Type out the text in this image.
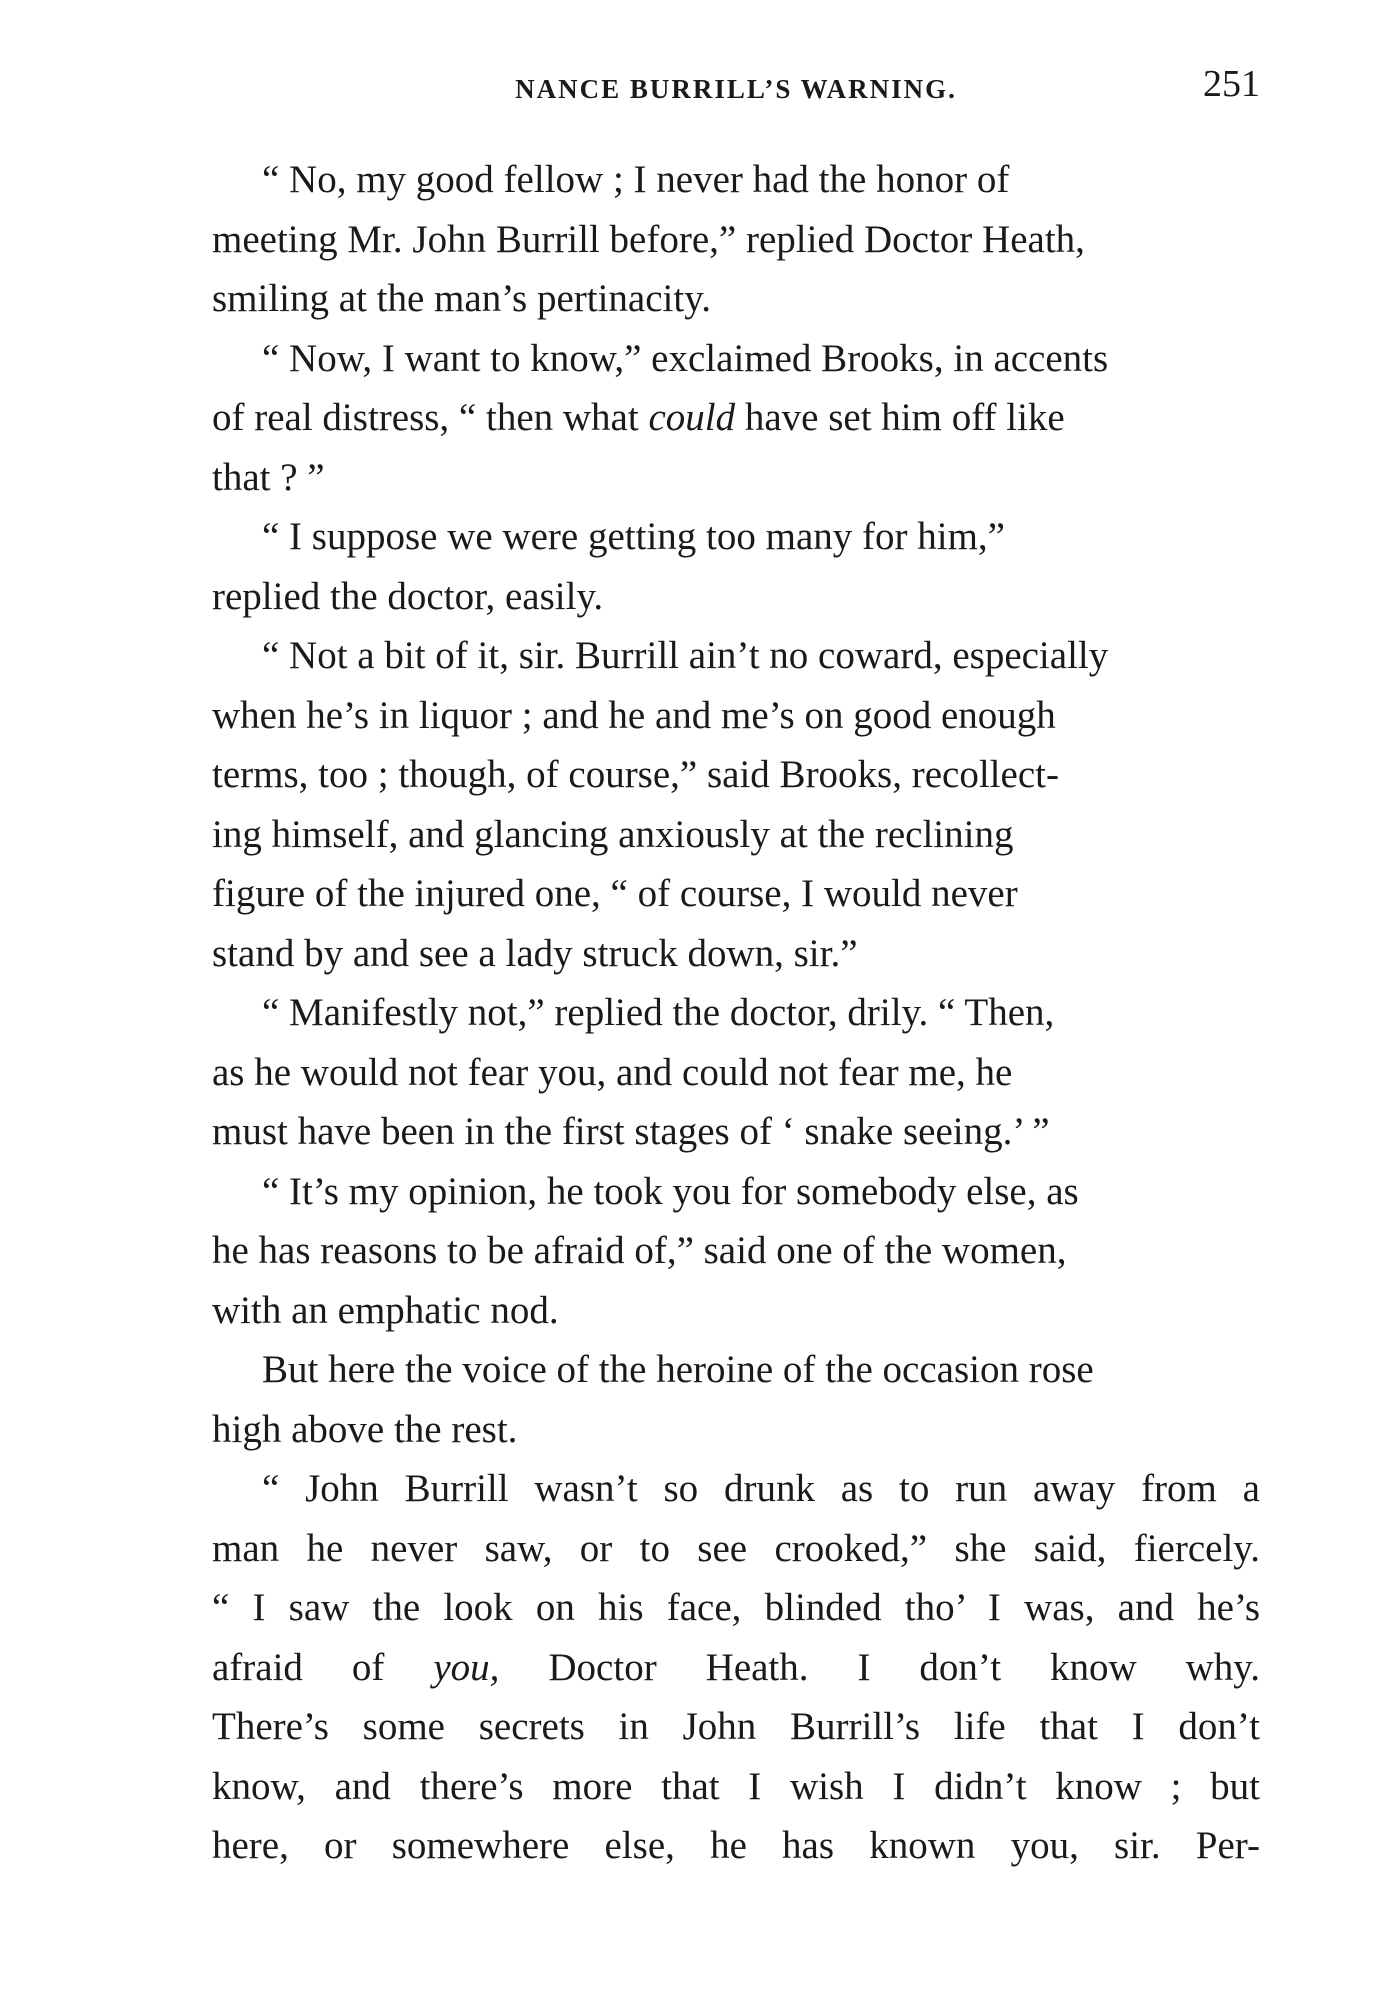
NANCE BURRILL’S WARNING.	251

“ No, my good fellow ; I never had the honor of
meeting Mr. John Burrill before,” replied Doctor Heath,
smiling at the man’s pertinacity.

“ Now, I want to know,” exclaimed Brooks, in accents
of real distress, “ then what could have set him off like
that ? ”

“ I suppose we were getting too many for him,”
replied the doctor, easily.

“ Not a bit of it, sir. Burrill ain’t no coward, especially
when he’s in liquor ; and he and me’s on good enough
terms, too ; though, of course,” said Brooks, recollect-
ing himself, and glancing anxiously at the reclining
figure of the injured one, “ of course, I would never
stand by and see a lady struck down, sir.”

“ Manifestly not,” replied the doctor, drily. “ Then,
as he would not fear you, and could not fear me, he
must have been in the first stages of ‘ snake seeing.’ ”

“ It’s my opinion, he took you for somebody else, as
he has reasons to be afraid of,” said one of the women,
with an emphatic nod.

But here the voice of the heroine of the occasion rose
high above the rest.

“ John Burrill wasn’t so drunk as to run away from a
man he never saw, or to see crooked,” she said, fiercely.
“ I saw the look on his face, blinded tho’ I was, and he’s
afraid of you, Doctor Heath. I don’t know why.
There’s some secrets in John Burrill’s life that I don’t
know, and there’s more that I wish I didn’t know ; but
here, or somewhere else, he has known you, sir. Per-
